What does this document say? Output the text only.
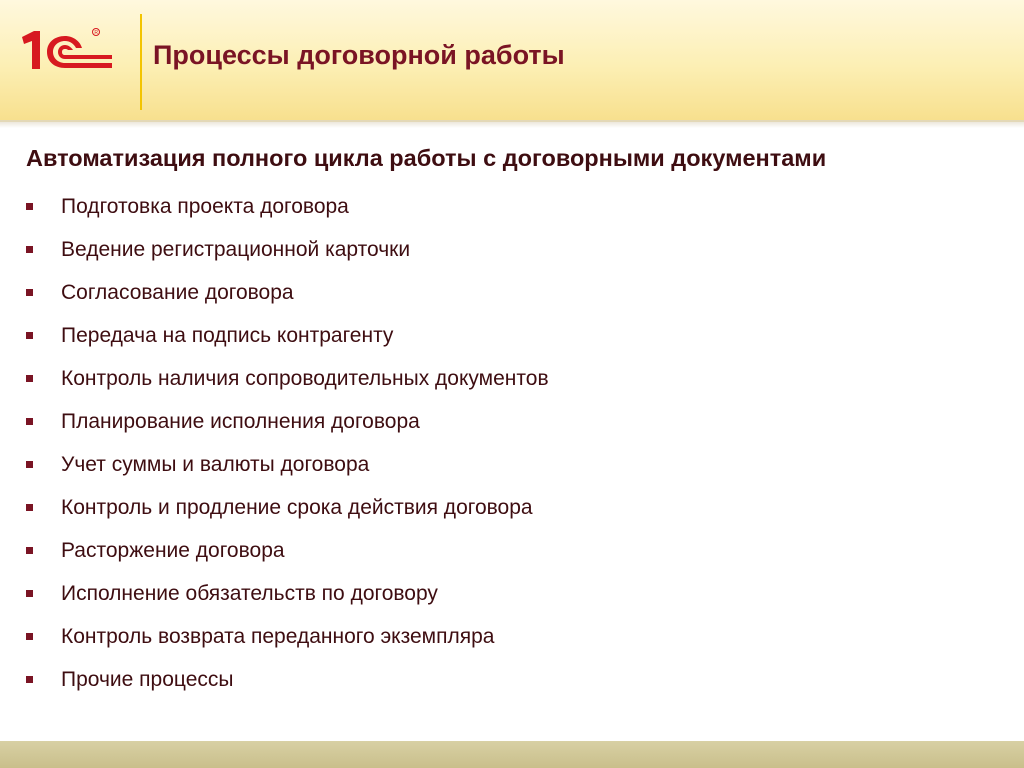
R
Процессы договорной работы
Автоматизация полного цикла работы с договорными документами
Подготовка проекта договора
Ведение регистрационной карточки
Согласование договора
Передача на подпись контрагенту
Контроль наличия сопроводительных документов
Планирование исполнения договора
Учет суммы и валюты договора
Контроль и продление срока действия договора
Расторжение договора
Исполнение обязательств по договору
Контроль возврата переданного экземпляра
Прочие процессы
